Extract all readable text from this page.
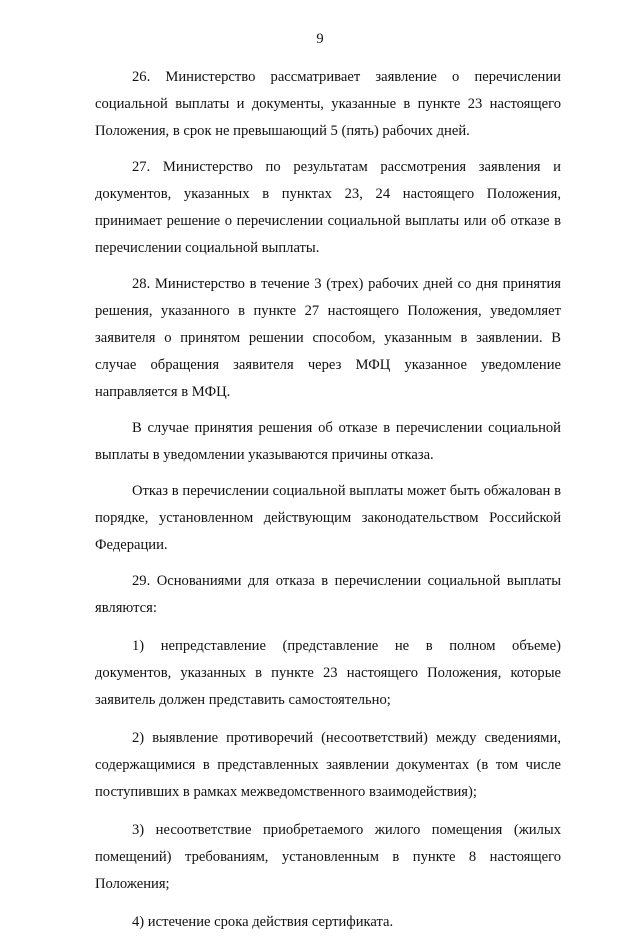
9

26. Министерство рассматривает заявление о перечислении социальной выплаты и документы, указанные в пункте 23 настоящего Положения, в срок не превышающий 5 (пять) рабочих дней.

27. Министерство по результатам рассмотрения заявления и документов, указанных в пунктах 23, 24 настоящего Положения, принимает решение о перечислении социальной выплаты или об отказе в перечислении социальной выплаты.

28. Министерство в течение 3 (трех) рабочих дней со дня принятия решения, указанного в пункте 27 настоящего Положения, уведомляет заявителя о принятом решении способом, указанным в заявлении. В случае обращения заявителя через МФЦ указанное уведомление направляется в МФЦ.

В случае принятия решения об отказе в перечислении социальной выплаты в уведомлении указываются причины отказа.

Отказ в перечислении социальной выплаты может быть обжалован в порядке, установленном действующим законодательством Российской Федерации.

29. Основаниями для отказа в перечислении социальной выплаты являются:

1) непредставление (представление не в полном объеме) документов, указанных в пункте 23 настоящего Положения, которые заявитель должен представить самостоятельно;

2) выявление противоречий (несоответствий) между сведениями, содержащимися в представленных заявлении документах (в том числе поступивших в рамках межведомственного взаимодействия);

3) несоответствие приобретаемого жилого помещения (жилых помещений) требованиям, установленным в пункте 8 настоящего Положения;

4) истечение срока действия сертификата.
